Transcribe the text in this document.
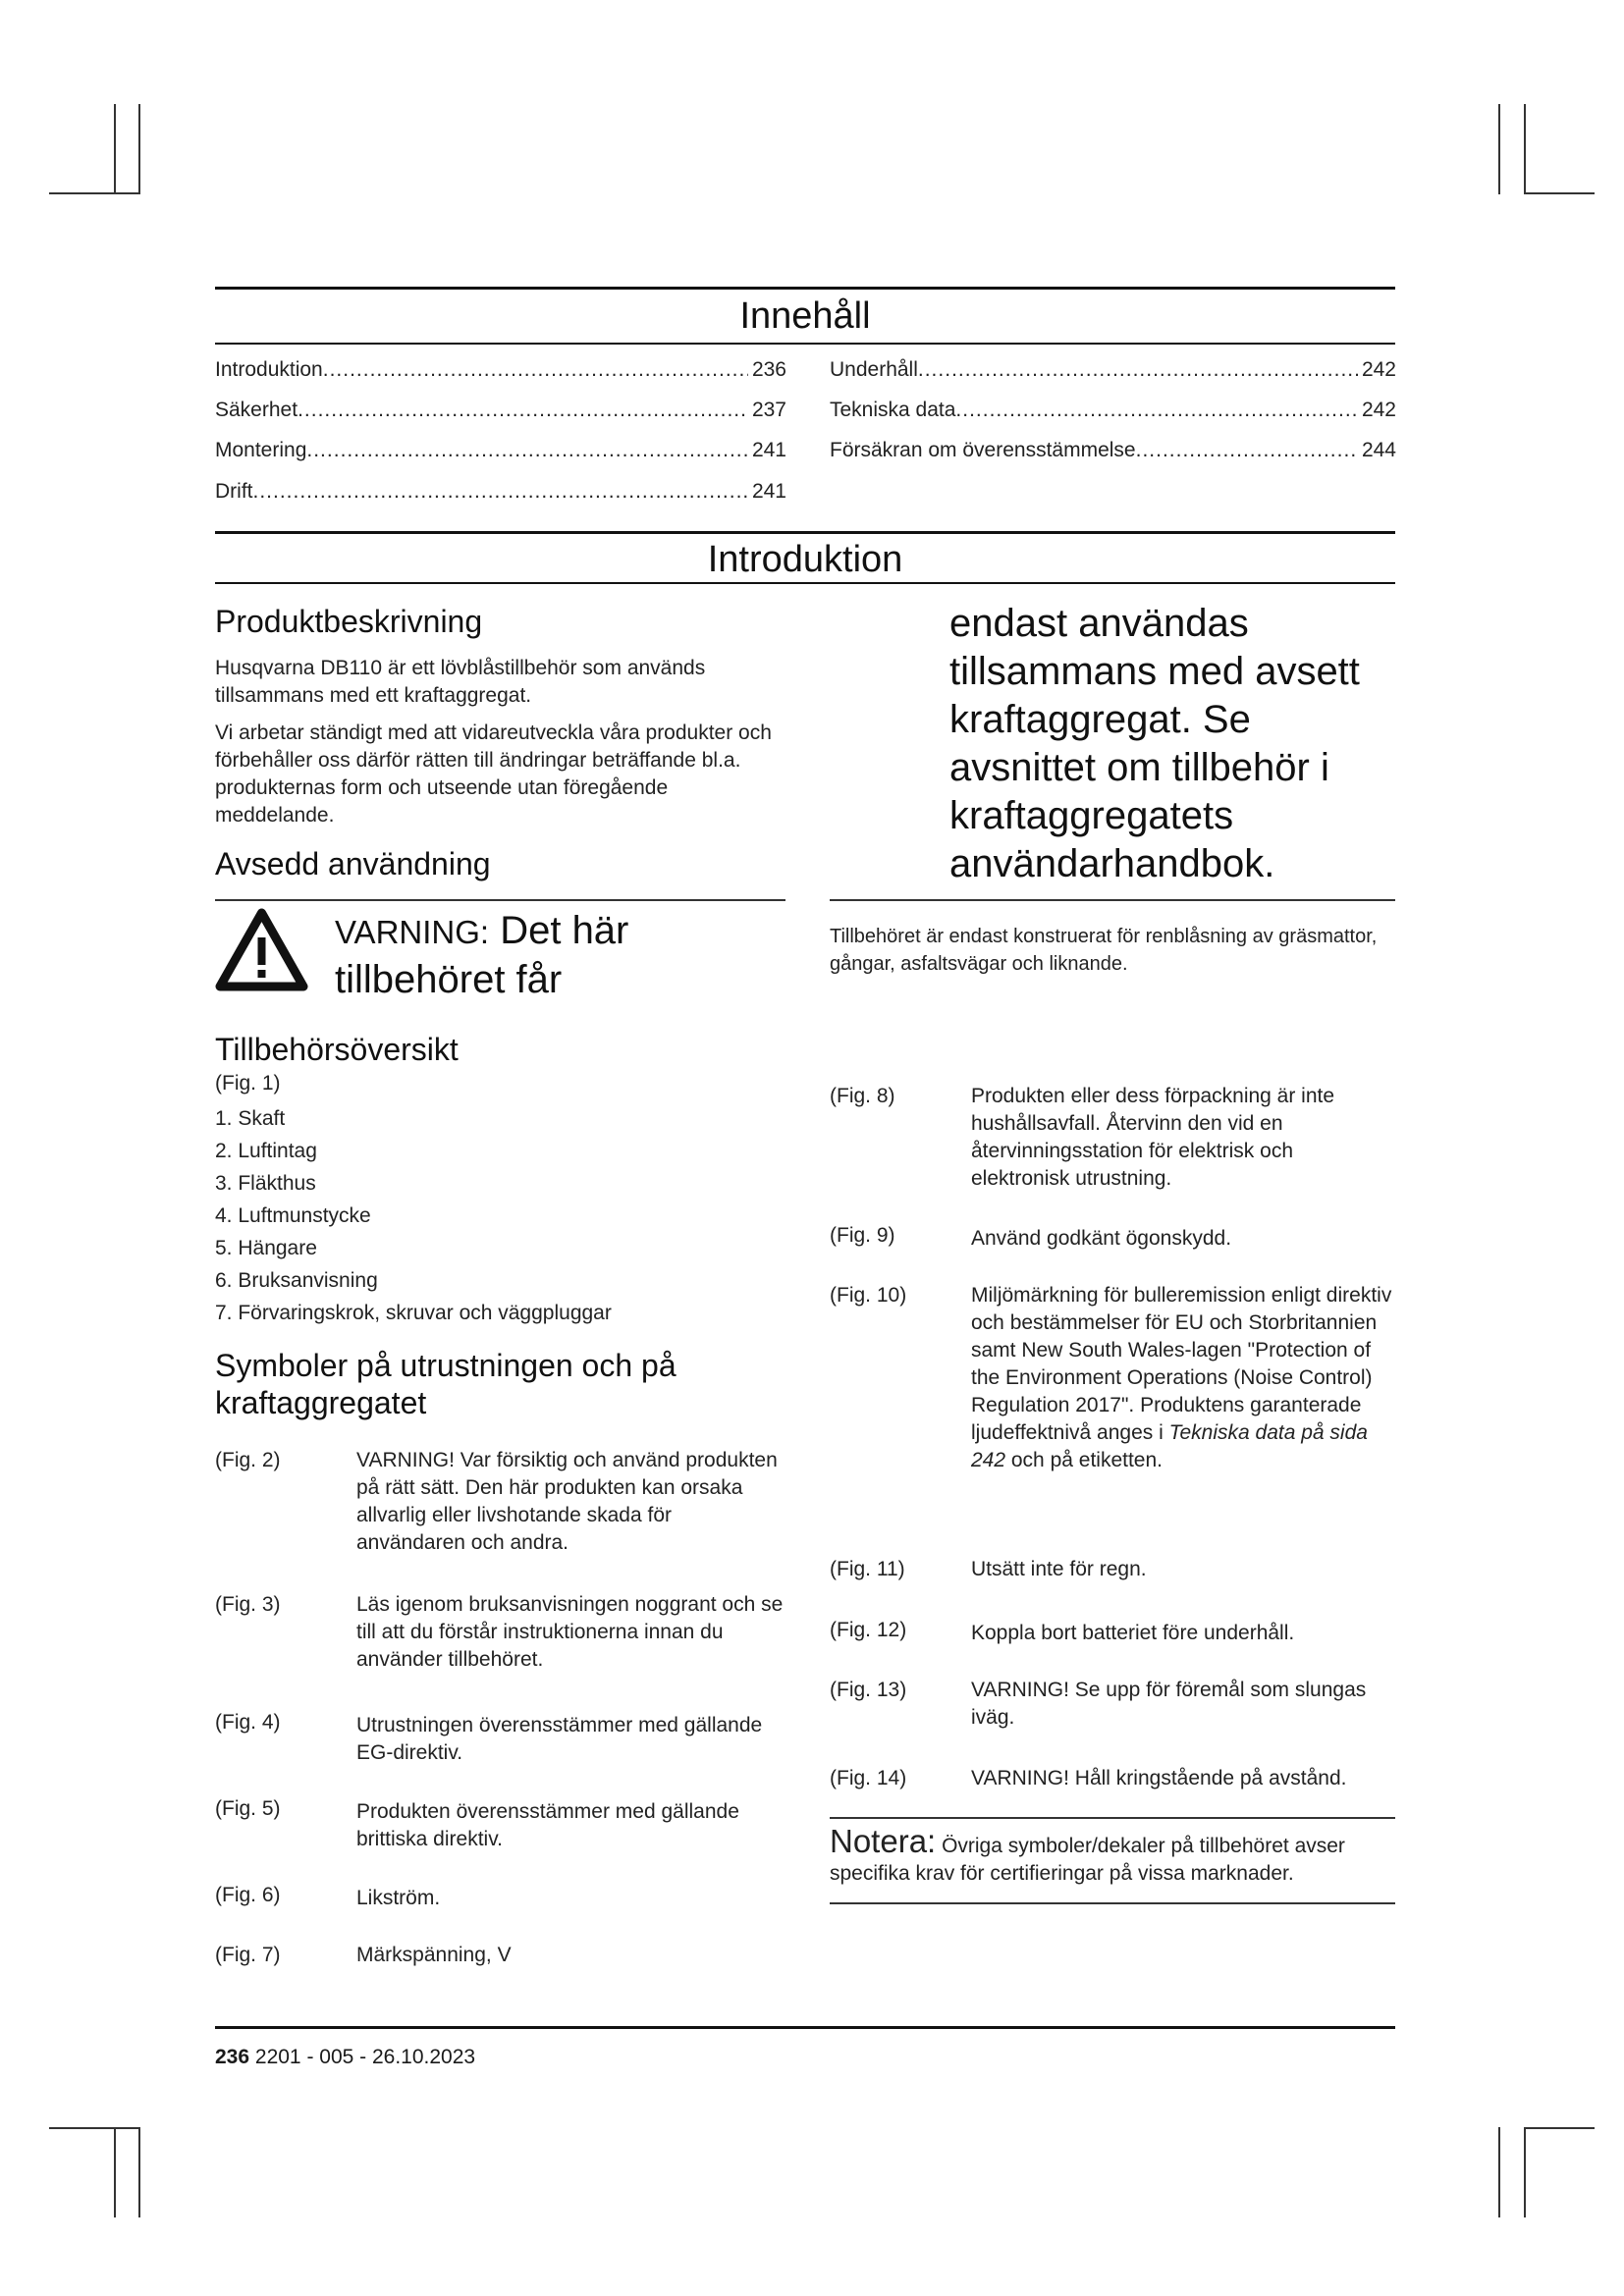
Innehåll
Introduktion .....	236
Säkerhet .....	237
Montering .....	241
Drift .....	241
Underhåll .....	242
Tekniska data .....	242
Försäkran om överensstämmelse .....	244
Introduktion
Produktbeskrivning
Husqvarna DB110 är ett lövblåstillbehör som används tillsammans med ett kraftaggregat.
Vi arbetar ständigt med att vidareutveckla våra produkter och förbehåller oss därför rätten till ändringar beträffande bl.a. produkternas form och utseende utan föregående meddelande.
Avsedd användning
VARNING: Det här tillbehöret får
Tillbehörsöversikt
(Fig. 1)
1. Skaft
2. Luftintag
3. Fläkthus
4. Luftmunstycke
5. Hängare
6. Bruksanvisning
7. Förvaringskrok, skruvar och väggpluggar
Symboler på utrustningen och på kraftaggregatet
(Fig. 2)	VARNING! Var försiktig och använd produkten på rätt sätt. Den här produkten kan orsaka allvarlig eller livshotande skada för användaren och andra.
(Fig. 3)	Läs igenom bruksanvisningen noggrant och se till att du förstår instruktionerna innan du använder tillbehöret.
(Fig. 4)	Utrustningen överensstämmer med gällande EG-direktiv.
(Fig. 5)	Produkten överensstämmer med gällande brittiska direktiv.
(Fig. 6)	Likström.
(Fig. 7)	Märkspänning, V
endast användas tillsammans med avsett kraftaggregat. Se avsnittet om tillbehör i kraftaggregatets användarhandbok.
Tillbehöret är endast konstruerat för renblåsning av gräsmattor, gångar, asfaltsvägar och liknande.
(Fig. 8)	Produkten eller dess förpackning är inte hushållsavfall. Återvinn den vid en återvinningsstation för elektrisk och elektronisk utrustning.
(Fig. 9)	Använd godkänt ögonskydd.
(Fig. 10)	Miljömärkning för bulleremission enligt direktiv och bestämmelser för EU och Storbritannien samt New South Wales-lagen "Protection of the Environment Operations (Noise Control) Regulation 2017". Produktens garanterade ljudeffektnivå anges i Tekniska data på sida 242 och på etiketten.
(Fig. 11)	Utsätt inte för regn.
(Fig. 12)	Koppla bort batteriet före underhåll.
(Fig. 13)	VARNING! Se upp för föremål som slungas iväg.
(Fig. 14)	VARNING! Håll kringstående på avstånd.
Notera: Övriga symboler/dekaler på tillbehöret avser specifika krav för certifieringar på vissa marknader.
236 2201 - 005 - 26.10.2023
